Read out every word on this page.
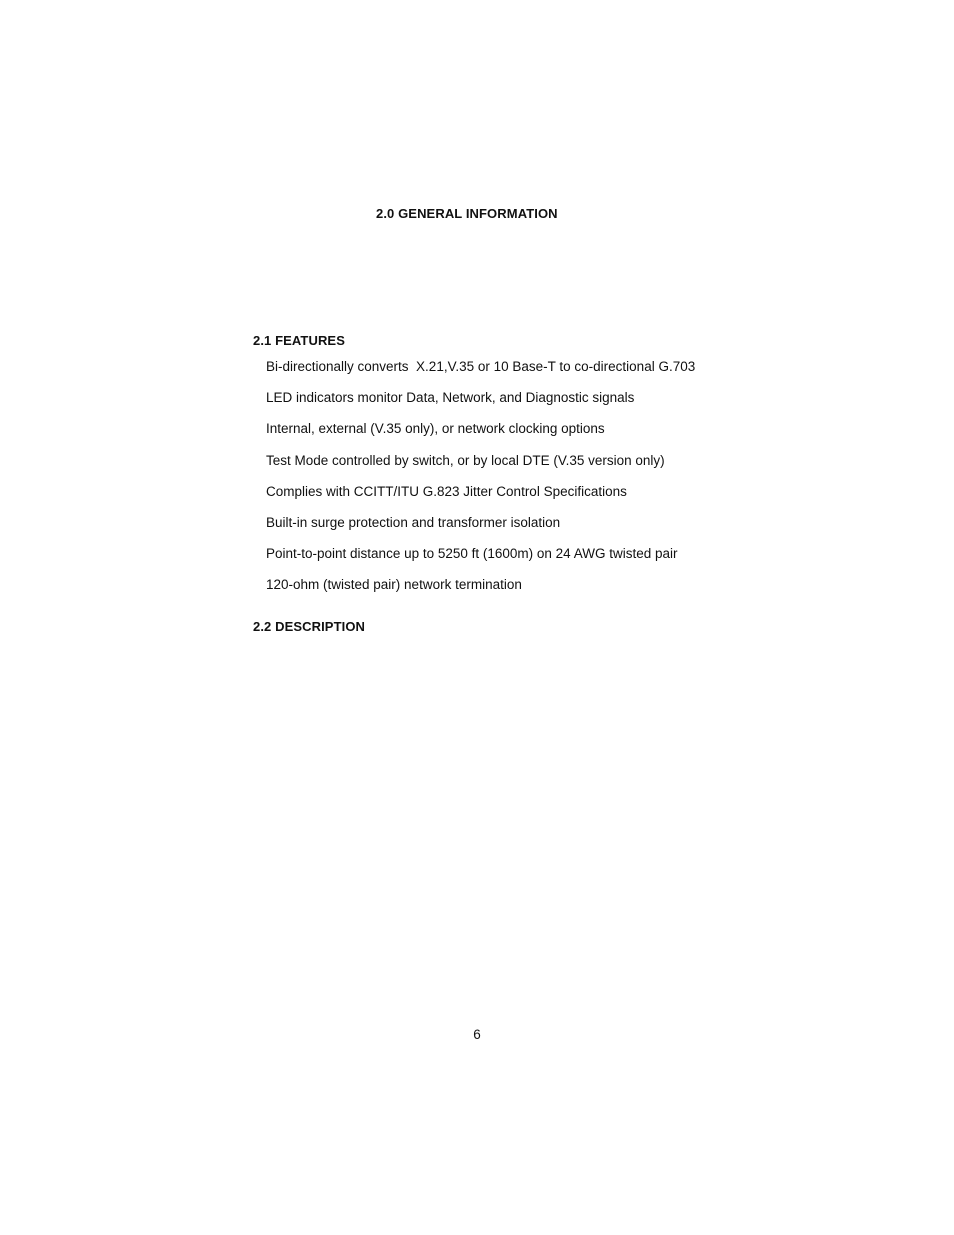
2.0 GENERAL INFORMATION
2.1 FEATURES
Bi-directionally converts  X.21,V.35 or 10 Base-T to co-directional G.703
LED indicators monitor Data, Network, and Diagnostic signals
Internal, external (V.35 only), or network clocking options
Test Mode controlled by switch, or by local DTE (V.35 version only)
Complies with CCITT/ITU G.823 Jitter Control Specifications
Built-in surge protection and transformer isolation
Point-to-point distance up to 5250 ft (1600m) on 24 AWG twisted pair
120-ohm (twisted pair) network termination
2.2 DESCRIPTION
6
